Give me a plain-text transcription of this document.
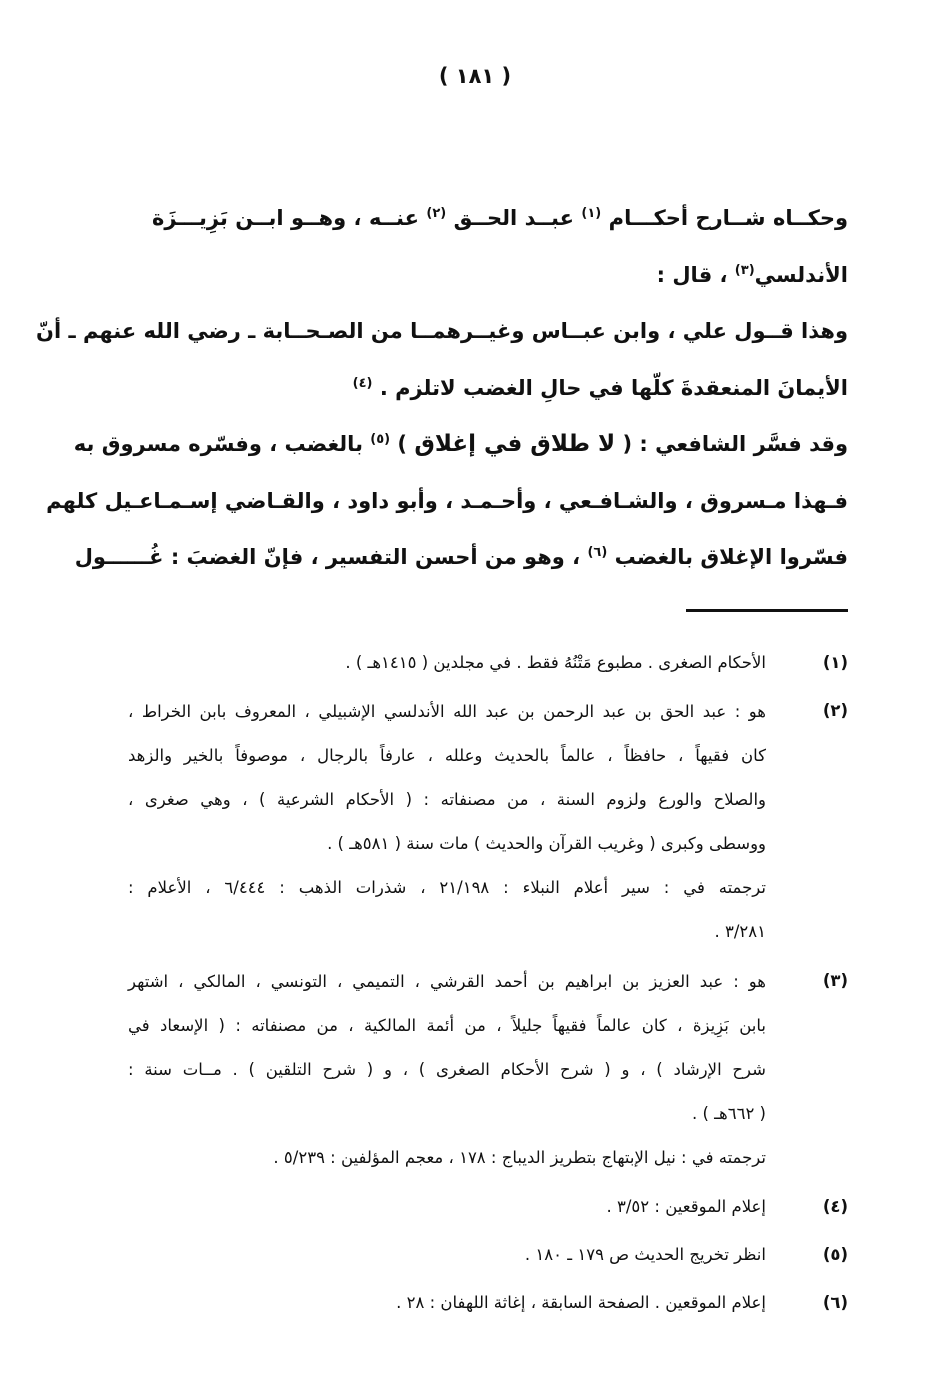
( ١٨١ )
وحكــاه شــارح أحكـــام $^{(١)}$ عبــد الحــق $^{(٢)}$ عنــه ، وهــو ابــن بَزِيـــزَة
الأندلسي$^{(٣)}$ ، قال :
وهذا قــول علي ، وابن عبــاس وغيــرهمــا من الصـحــابة ـ رضي الله عنهم ـ أنّ
الأيمانَ المنعقدةَ كلّها في حالِ الغضب لاتلزم . $^{(٤)}$
وقد فسَّر الشافعي : ( لا طلاق في إغلاق ) $^{(٥)}$ بالغضب ، وفسّره مسروق به
فـهذا مـسروق ، والشـافـعي ، وأحـمـد ، وأبو داود ، والقـاضي إسـمـاعـيل كلهم
فسّروا الإغلاق بالغضب $^{(٦)}$ ، وهو من أحسن التفسير ، فإنّ الغضبَ : غُــــــول
(١)
الأحكام الصغرى . مطبوع مَتْنُهُ فقط . في مجلدين ( ١٤١٥هـ ) .
(٢)
هو : عبد الحق بن عبد الرحمن بن عبد الله الأندلسي الإشبيلي ، المعروف بابن الخراط ،
كان فقيهاً ، حافظاً ، عالماً بالحديث وعلله ، عارفاً بالرجال ، موصوفاً بالخير والزهد
والصلاح والورع ولزوم السنة ، من مصنفاته : ( الأحكام الشرعية ) ، وهي صغرى ،
ووسطى وكبرى ( وغريب القرآن والحديث ) مات سنة ( ٥٨١هـ ) .
ترجمته في : سير أعلام النبلاء : ٢١/١٩٨ ، شذرات الذهب : ٦/٤٤٤ ، الأعلام :
٣/٢٨١ .
(٣)
هو : عبد العزيز بن ابراهيم بن أحمد القرشي ، التميمي ، التونسي ، المالكي ، اشتهر
بابن بَزِيزة ، كان عالماً فقيهاً جليلاً ، من أئمة المالكية ، من مصنفاته : ( الإسعاد في
شرح الإرشاد ) ، و ( شرح الأحكام الصغرى ) ، و ( شرح التلقين ) . مــات سنة :
( ٦٦٢هـ ) .
ترجمته في : نيل الإبتهاج بتطريز الديباج : ١٧٨ ، معجم المؤلفين : ٥/٢٣٩ .
(٤)
إعلام الموقعين : ٣/٥٢ .
(٥)
انظر تخريج الحديث ص ١٧٩ ـ ١٨٠ .
(٦)
إعلام الموقعين . الصفحة السابقة ، إغاثة اللهفان : ٢٨ .
